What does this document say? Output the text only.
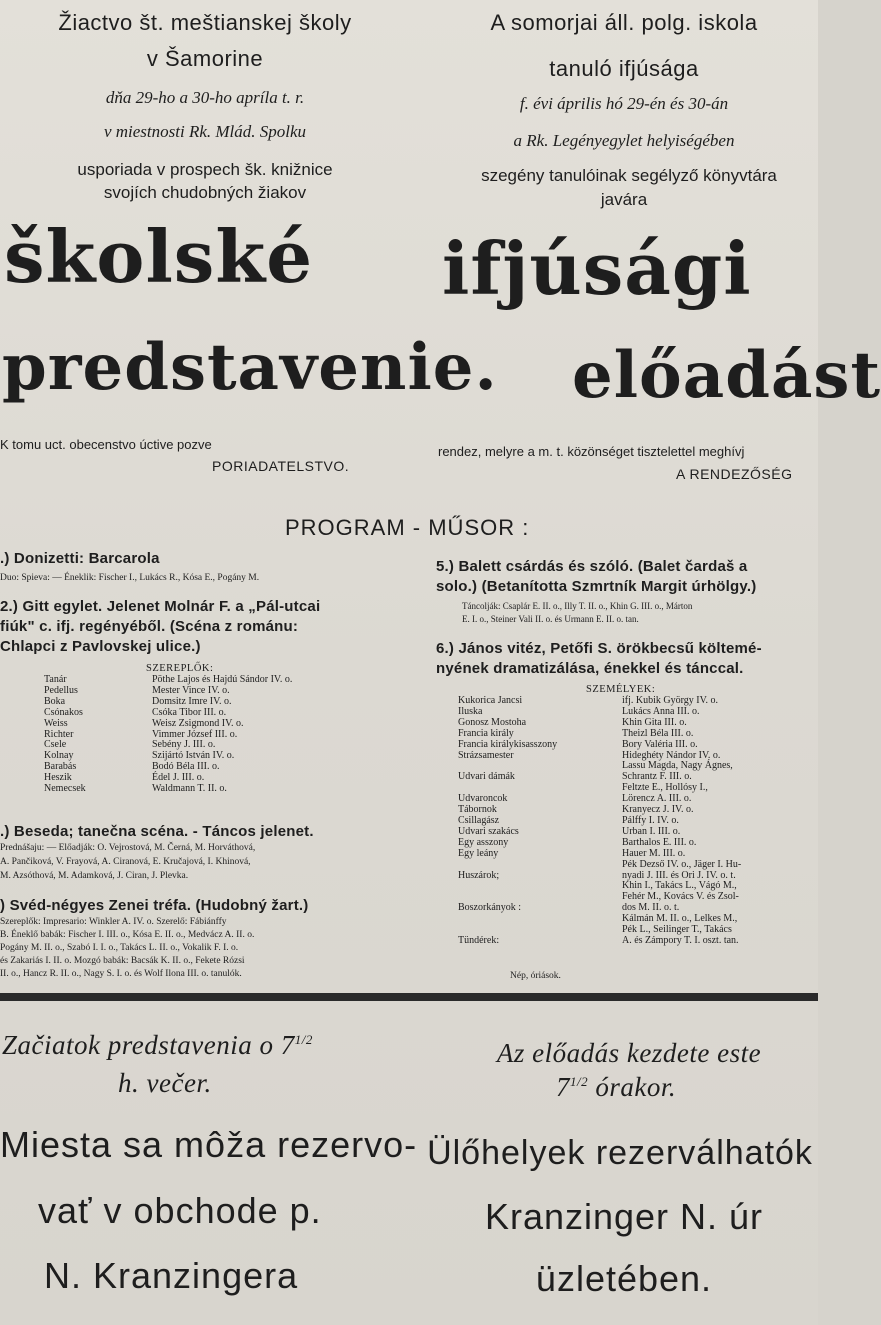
Žiactvo št. meštianskej školy
v Šamorine
dňa 29-ho a 30-ho apríla t. r.
v miestnosti Rk. Mlád. Spolku
usporiada v prospech šk. knižnice
svojích chudobných žiakov
školské
predstavenie.
K tomu uct. obecenstvo úctive pozve
PORIADATELSTVO.
A somorjai áll. polg. iskola
tanuló ifjúsága
f. évi április hó 29-én és 30-án
a Rk. Legényegylet helyiségében
szegény tanulóinak segélyző könyvtára
javára
ifjúsági
előadást
rendez, melyre a m. t. közönséget tisztelettel meghívj
A RENDEZŐSÉG
PROGRAM - MŰSOR :
.) Donizetti: Barcarola
Duo: Spieva: — Éneklik: Fischer I., Lukács R., Kósa E., Pogány M.
2.) Gitt egylet. Jelenet Molnár F. a „Pál-utcai
fiúk" c. ifj. regényéből. (Scéna z románu:
Chlapci z Pavlovskej ulice.)
SZEREPLŐK:
Tanár
Pedellus
Boka
Csónakos
Weiss
Richter
Csele
Kolnay
Barabás
Heszik
Nemecsek
Pöthe Lajos és Hajdú Sándor IV. o.
Mester Vince IV. o.
Domsitz Imre IV. o.
Csóka Tibor III. o.
Weisz Zsigmond IV. o.
Vimmer József III. o.
Sebény J. III. o.
Szijártó István IV. o.
Bodó Béla III. o.
Édel J. III. o.
Waldmann T. II. o.
.) Beseda; tanečna scéna. - Táncos jelenet.
Prednášaju: — Előadják: O. Vejrostová, M. Černá, M. Horváthová,
A. Pančiková, V. Frayová, A. Ciranová, E. Kručajová, I. Khinová,
M. Azsóthová, M. Adamková, J. Ciran, J. Plevka.
) Svéd-négyes Zenei tréfa. (Hudobný žart.)
Szereplők: Impresario: Winkler A. IV. o. Szerelő: Fábiánffy
B. Éneklő babák: Fischer I. III. o., Kósa E. II. o., Medvácz A. II. o.
Pogány M. II. o., Szabó I. I. o., Takács L. II. o., Vokalik F. I. o.
és Zakariás I. II. o. Mozgó babák: Bacsák K. II. o., Fekete Rózsi
II. o., Hancz R. II. o., Nagy S. I. o. és Wolf Ilona III. o. tanulók.
5.) Balett csárdás és szóló. (Balet čardaš a
solo.) (Betanította Szmrtník Margit úrhölgy.)
Táncolják: Csaplár E. II. o., Illy T. II. o., Khin G. III. o., Márton
E. I. o., Steiner Vali II. o. és Urmann E. II. o. tan.
6.) János vitéz, Petőfi S. örökbecsű költemé-
nyének dramatizálása, énekkel és tánccal.
SZEMÉLYEK:
Kukorica Jancsi
Iluska
Gonosz Mostoha
Francia király
Francia királykisasszony
Strázsamester

Udvari dámák

Udvaroncok
Tábornok
Csillagász
Udvari szakács
Egy asszony
Egy leány

Huszárok;

Boszorkányok :

Tündérek:
ifj. Kubik György IV. o.
Lukács Anna III. o.
Khin Gita III. o.
Theizl Béla III. o.
Bory Valéria III. o.
Hideghéty Nándor IV. o.
Lassu Magda, Nagy Ágnes,
Schrantz F. III. o.
Feltzte E., Hollósy I.,
Lörencz A. III. o.
Kranyecz J. IV. o.
Pálffy I. IV. o.
Urban I. III. o.
Barthalos E. III. o.
Hauer M. III. o.
Pék Dezső IV. o., Jäger I. Hu-
nyadi J. III. és Ori J. IV. o. t.
Khin I., Takács L., Vágó M.,
Fehér M., Kovács V. és Zsol-
dos M. II. o. t.
Kálmán M. II. o., Lelkes M.,
Pék L., Seilinger T., Takács
A. és Zámpory T. I. oszt. tan.
Nép, óriások.
Začiatok predstavenia o $7^{1/2}$
h. večer.
Az előadás kezdete este
$7^{1/2}$ órakor.
Miesta sa môža rezervo-
vať v obchode p.
N. Kranzingera
Ülőhelyek rezerválhatók
Kranzinger N. úr
üzletében.
